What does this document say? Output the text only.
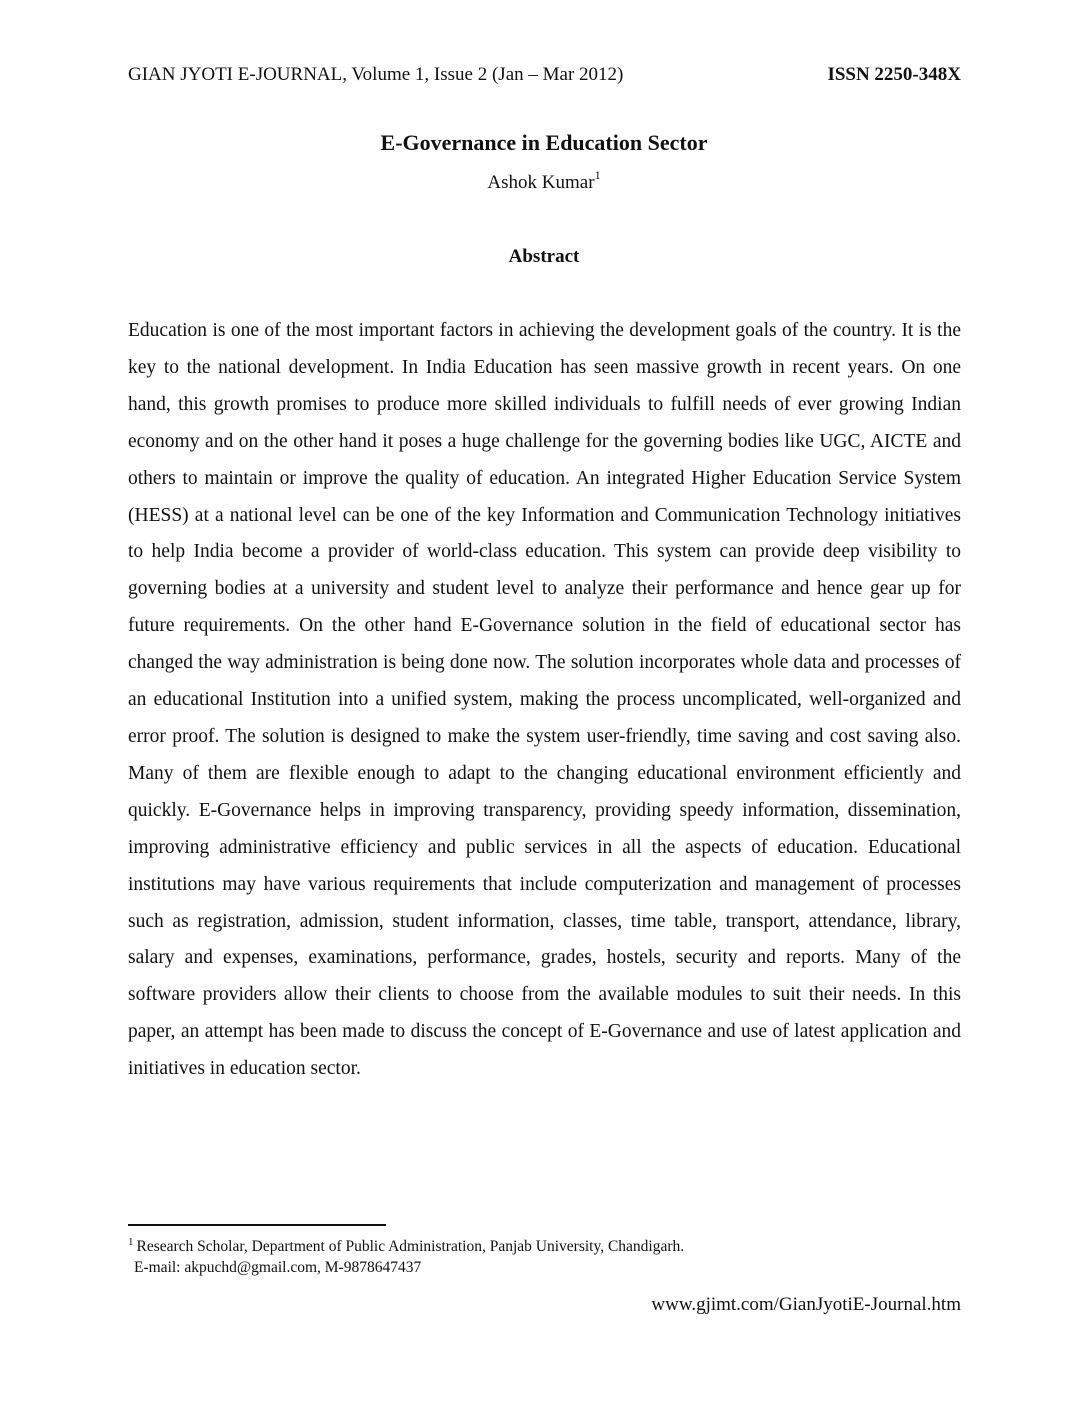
GIAN JYOTI E-JOURNAL, Volume 1, Issue 2 (Jan – Mar 2012)	ISSN 2250-348X
E-Governance in Education Sector
Ashok Kumar$^1$
Abstract

Education is one of the most important factors in achieving the development goals of the country. It is the key to the national development. In India Education has seen massive growth in recent years. On one hand, this growth promises to produce more skilled individuals to fulfill needs of ever growing Indian economy and on the other hand it poses a huge challenge for the governing bodies like UGC, AICTE and others to maintain or improve the quality of education. An integrated Higher Education Service System (HESS) at a national level can be one of the key Information and Communication Technology initiatives to help India become a provider of world-class education. This system can provide deep visibility to governing bodies at a university and student level to analyze their performance and hence gear up for future requirements. On the other hand E-Governance solution in the field of educational sector has changed the way administration is being done now. The solution incorporates whole data and processes of an educational Institution into a unified system, making the process uncomplicated, well-organized and error proof. The solution is designed to make the system user-friendly, time saving and cost saving also. Many of them are flexible enough to adapt to the changing educational environment efficiently and quickly. E-Governance helps in improving transparency, providing speedy information, dissemination, improving administrative efficiency and public services in all the aspects of education. Educational institutions may have various requirements that include computerization and management of processes such as registration, admission, student information, classes, time table, transport, attendance, library, salary and expenses, examinations, performance, grades, hostels, security and reports. Many of the software providers allow their clients to choose from the available modules to suit their needs. In this paper, an attempt has been made to discuss the concept of E-Governance and use of latest application and initiatives in education sector.

$^1$ Research Scholar, Department of Public Administration, Panjab University, Chandigarh.
E-mail: akpuchd@gmail.com, M-9878647437
www.gjimt.com/GianJyotiE-Journal.htm
